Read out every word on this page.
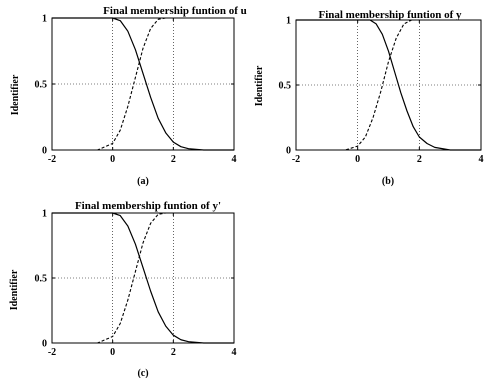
Final membership funtion of u
Identifier
-2	0	2	4
0
0.5
1
(a)
Final membership funtion of y
Identifier
-2	0	2	4
0
0.5
1
(b)
Final membership funtion of y'
Identifier
-2	0	2	4
0
0.5
1
(c)
